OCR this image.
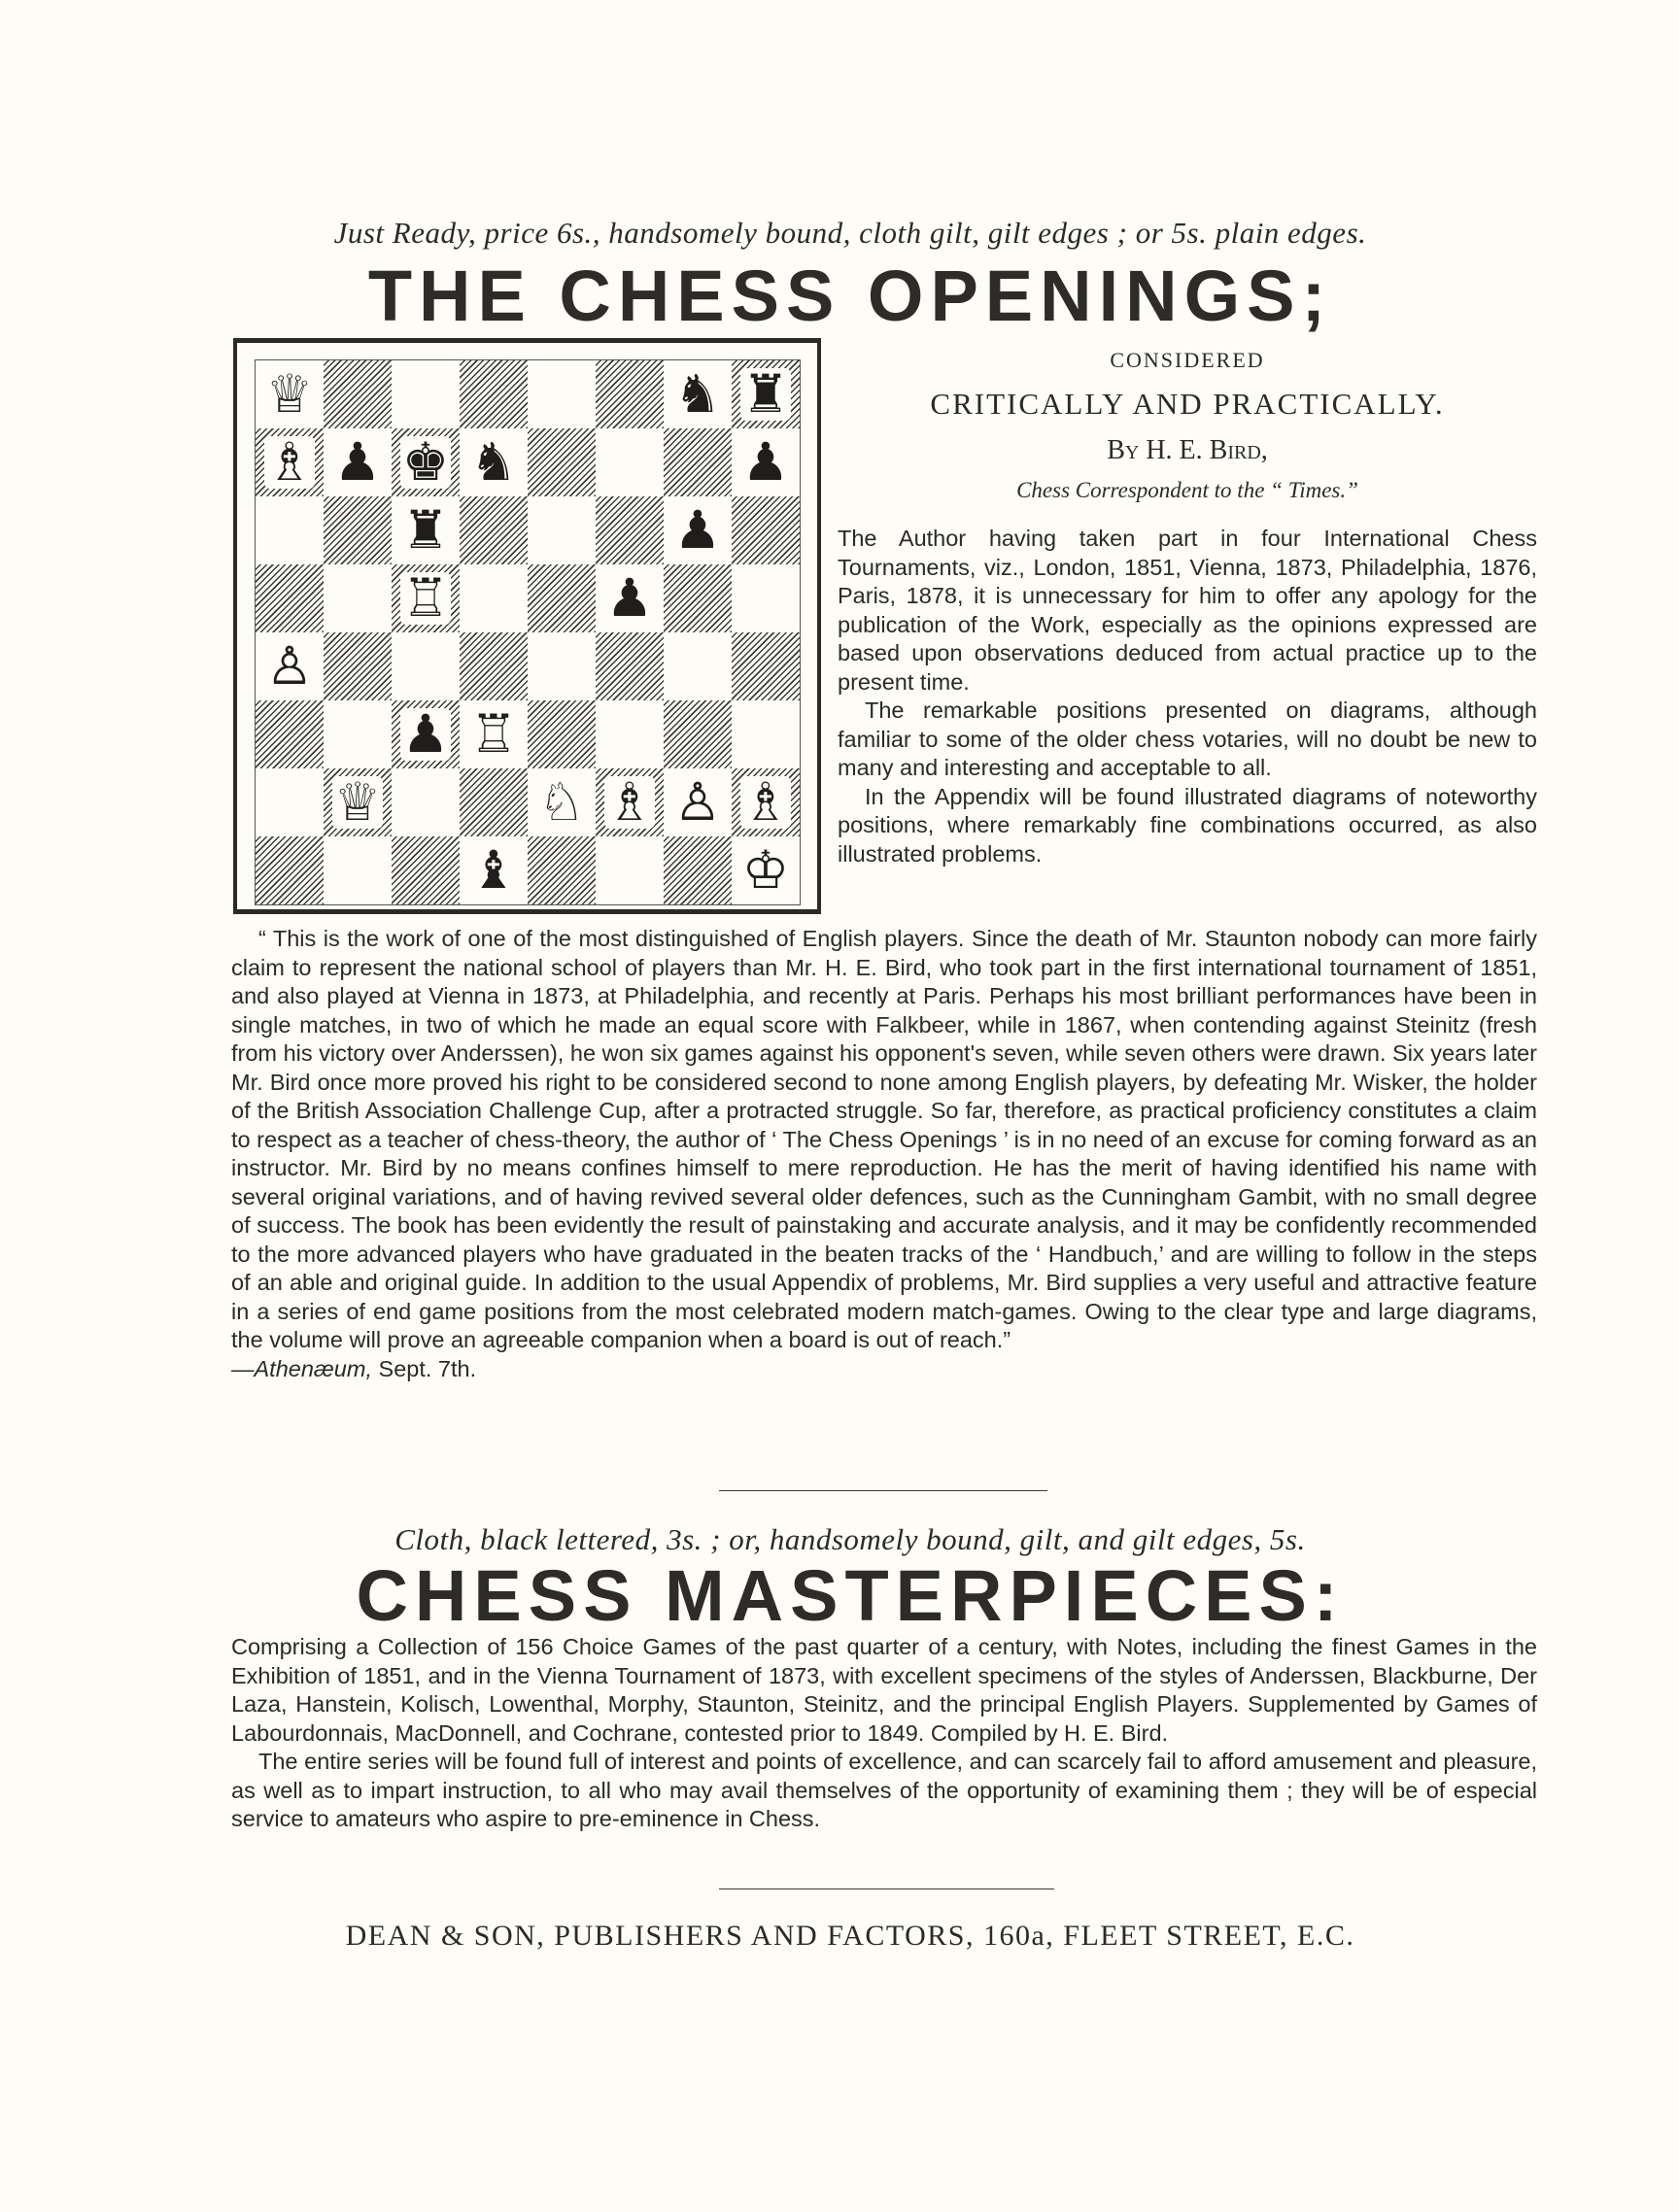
Just Ready, price 6s., handsomely bound, cloth gilt, gilt edges ; or 5s. plain edges.
THE CHESS OPENINGS;
♕	♞ ♜
♗ ♟ ♚ ♞	♟
♜	♟
♖	♟
♙
♟ ♖
♕	♘ ♗ ♙ ♗
♝	♔
CONSIDERED
CRITICALLY AND PRACTICALLY.
By H. E. Bird,
Chess Correspondent to the “ Times.”
The Author having taken part in four International Chess Tournaments, viz., London, 1851, Vienna, 1873, Philadelphia, 1876, Paris, 1878, it is unnecessary for him to offer any apology for the publication of the Work, especially as the opinions expressed are based upon observations deduced from actual practice up to the present time.
The remarkable positions presented on diagrams, although familiar to some of the older chess votaries, will no doubt be new to many and interesting and acceptable to all.
In the Appendix will be found illustrated diagrams of noteworthy positions, where remarkably fine combinations occurred, as also illustrated problems.
“ This is the work of one of the most distinguished of English players. Since the death of Mr. Staunton nobody can more fairly claim to represent the national school of players than Mr. H. E. Bird, who took part in the first international tournament of 1851, and also played at Vienna in 1873, at Philadelphia, and recently at Paris. Perhaps his most brilliant performances have been in single matches, in two of which he made an equal score with Falkbeer, while in 1867, when contending against Steinitz (fresh from his victory over Anderssen), he won six games against his opponent's seven, while seven others were drawn. Six years later Mr. Bird once more proved his right to be considered second to none among English players, by defeating Mr. Wisker, the holder of the British Association Challenge Cup, after a protracted struggle. So far, therefore, as practical proficiency constitutes a claim to respect as a teacher of chess-theory, the author of ‘ The Chess Openings ’ is in no need of an excuse for coming forward as an instructor. Mr. Bird by no means confines himself to mere reproduction. He has the merit of having identified his name with several original variations, and of having revived several older defences, such as the Cunningham Gambit, with no small degree of success. The book has been evidently the result of painstaking and accurate analysis, and it may be confidently recommended to the more advanced players who have graduated in the beaten tracks of the ‘ Handbuch,’ and are willing to follow in the steps of an able and original guide. In addition to the usual Appendix of problems, Mr. Bird supplies a very useful and attractive feature in a series of end game positions from the most celebrated modern match-games. Owing to the clear type and large diagrams, the volume will prove an agreeable companion when a board is out of reach.”
—Athenæum, Sept. 7th.
Cloth, black lettered, 3s. ; or, handsomely bound, gilt, and gilt edges, 5s.
CHESS MASTERPIECES:
Comprising a Collection of 156 Choice Games of the past quarter of a century, with Notes, including the finest Games in the Exhibition of 1851, and in the Vienna Tournament of 1873, with excellent specimens of the styles of Anderssen, Blackburne, Der Laza, Hanstein, Kolisch, Lowenthal, Morphy, Staunton, Steinitz, and the principal English Players. Supplemented by Games of Labourdonnais, MacDonnell, and Cochrane, contested prior to 1849. Compiled by H. E. Bird.
The entire series will be found full of interest and points of excellence, and can scarcely fail to afford amusement and pleasure, as well as to impart instruction, to all who may avail themselves of the opportunity of examining them ; they will be of especial service to amateurs who aspire to pre-eminence in Chess.
DEAN & SON, PUBLISHERS AND FACTORS, 160a, FLEET STREET, E.C.
